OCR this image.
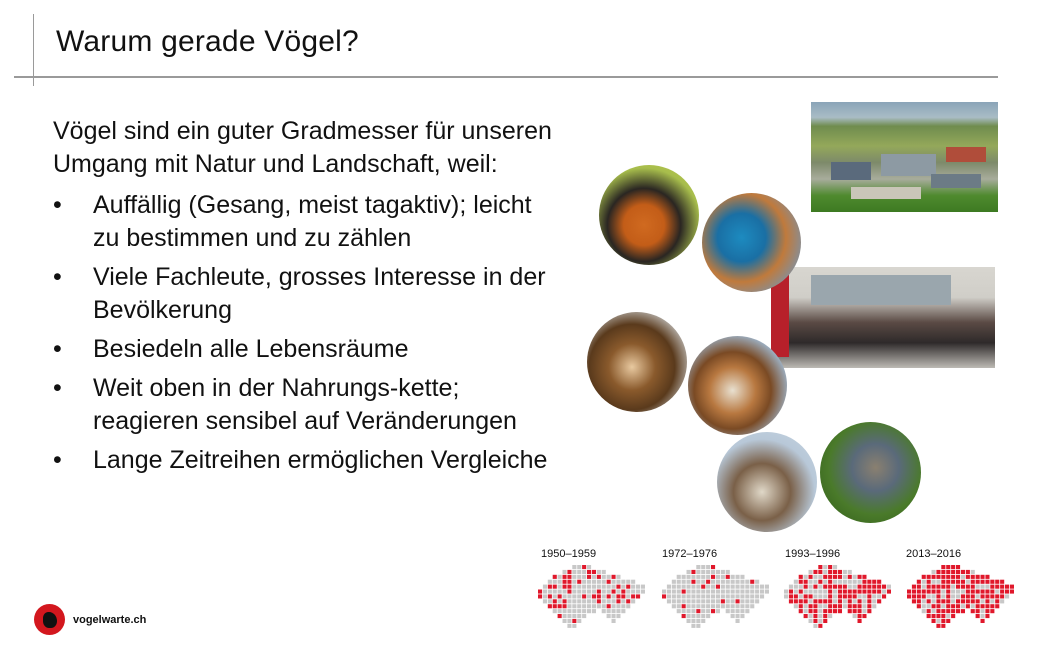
Warum gerade Vögel?

Vögel sind ein guter Gradmesser für unseren Umgang mit Natur und Landschaft, weil:

• Auffällig (Gesang, meist tagaktiv); leicht zu bestimmen und zu zählen
• Viele Fachleute, grosses Interesse in der Bevölkerung
• Besiedeln alle Lebensräume
• Weit oben in der Nahrungs-kette; reagieren sensibel auf Veränderungen
• Lange Zeitreihen ermöglichen Vergleiche
1950–1959	1972–1976	1993–1996	2013–2016
vogelwarte.ch
